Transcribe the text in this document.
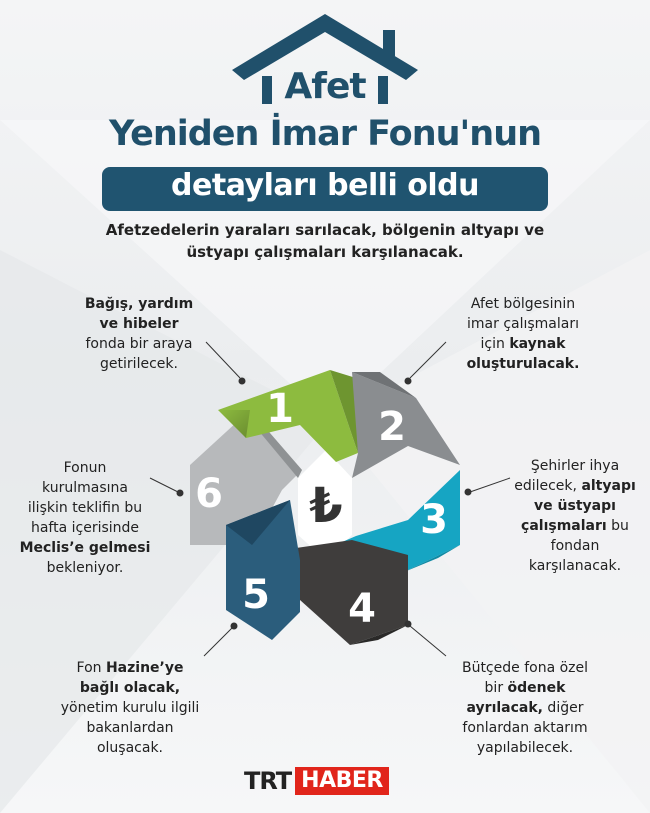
Afet
Yeniden İmar Fonu'nun
detayları belli oldu
Afetzedelerin yaraları sarılacak, bölgenin altyapı ve
üstyapı çalışmaları karşılanacak.
1 2
3
4
5
6 ₺
Bağış, yardım
ve hibeler
fonda bir araya
getirilecek.
Afet bölgesinin
imar çalışmaları
için kaynak
oluşturulacak.
Şehirler ihya
edilecek, altyapı
ve üstyapı
çalışmaları bu
fondan
karşılanacak.
Bütçede fona özel
bir ödenek
ayrılacak, diğer
fonlardan aktarım
yapılabilecek.
Fon Hazine’ye
bağlı olacak,
yönetim kurulu ilgili
bakanlardan
oluşacak.
Fonun
kurulmasına
ilişkin teklifin bu
hafta içerisinde
Meclis’e gelmesi
bekleniyor.
TRT HABER
